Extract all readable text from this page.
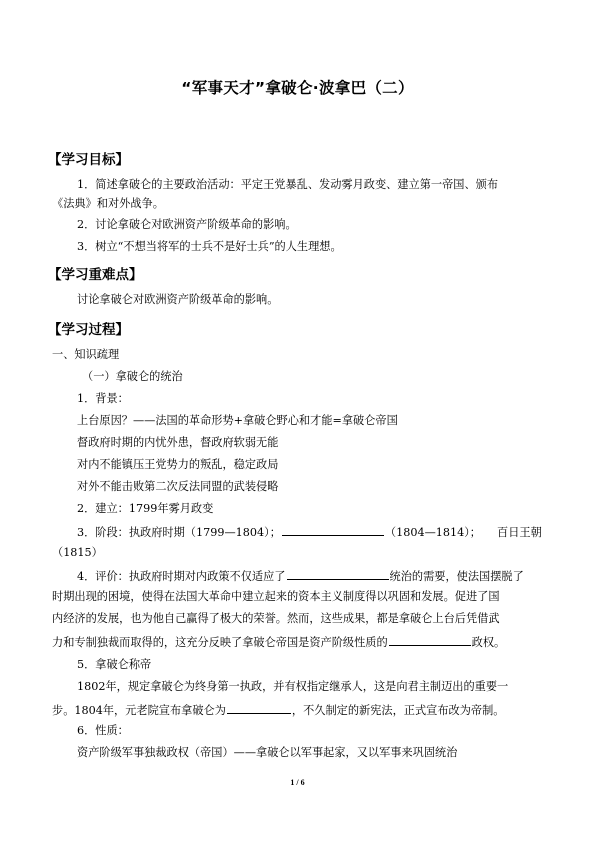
“军事天才”拿破仑·波拿巴（二）
【学习目标】
1．简述拿破仑的主要政治活动：平定王党暴乱、发动雾月政变、建立第一帝国、颁布
《法典》和对外战争。
2．讨论拿破仑对欧洲资产阶级革命的影响。
3．树立“不想当将军的士兵不是好士兵”的人生理想。
【学习重难点】
讨论拿破仑对欧洲资产阶级革命的影响。
【学习过程】
一、知识疏理
（一）拿破仑的统治
1．背景：
上台原因？——法国的革命形势+拿破仑野心和才能=拿破仑帝国
督政府时期的内忧外患，督政府软弱无能
对内不能镇压王党势力的叛乱，稳定政局
对外不能击败第二次反法同盟的武装侵略
2．建立：1799年雾月政变
3．阶段：执政府时期（1799—1804）；	（1804—1814）； 百日王朝
（1815）
4．评价：执政府时期对内政策不仅适应了	统治的需要，使法国摆脱了
时期出现的困境，使得在法国大革命中建立起来的资本主义制度得以巩固和发展。促进了国
内经济的发展，也为他自己赢得了极大的荣誉。然而，这些成果，都是拿破仑上台后凭借武
力和专制独裁而取得的，这充分反映了拿破仑帝国是资产阶级性质的	政权。
5．拿破仑称帝
1802年，规定拿破仑为终身第一执政，并有权指定继承人，这是向君主制迈出的重要一
步。1804年，元老院宣布拿破仑为	，不久制定的新宪法，正式宣布改为帝制。
6．性质：
资产阶级军事独裁政权（帝国）——拿破仑以军事起家，又以军事来巩固统治
1 / 6
